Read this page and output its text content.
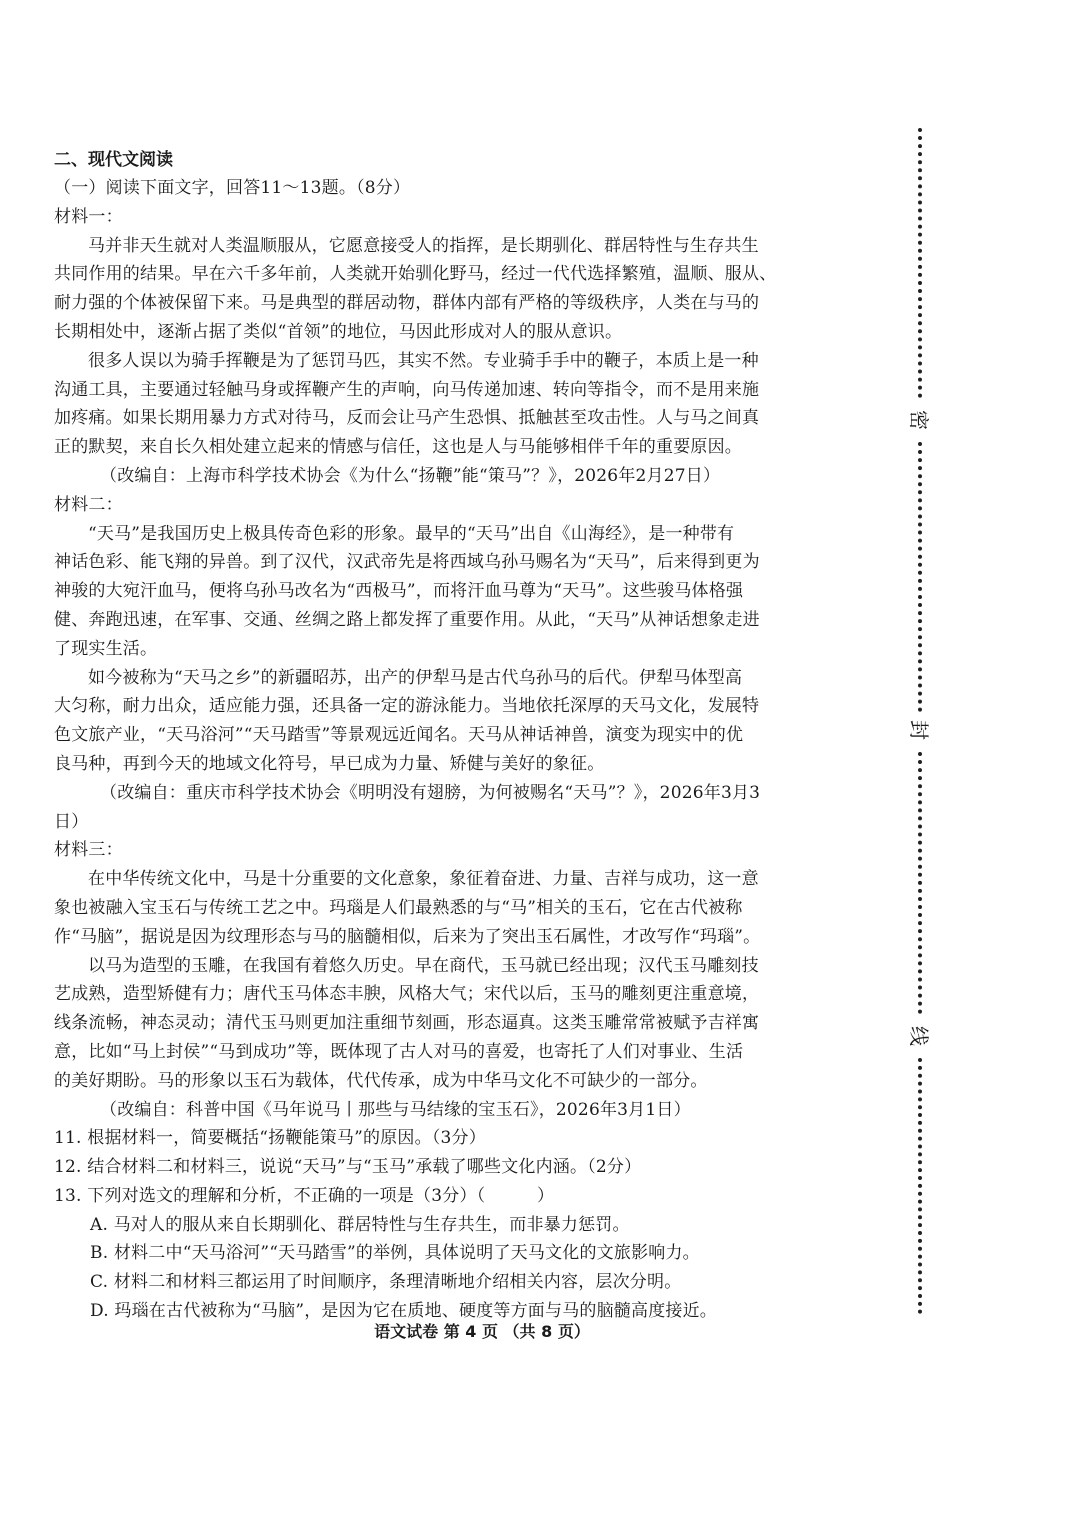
二、现代文阅读
（一）阅读下面文字，回答11～13题。（8分）
材料一：
马并非天生就对人类温顺服从，它愿意接受人的指挥，是长期驯化、群居特性与生存共生
共同作用的结果。早在六千多年前，人类就开始驯化野马，经过一代代选择繁殖，温顺、服从、
耐力强的个体被保留下来。马是典型的群居动物，群体内部有严格的等级秩序，人类在与马的
长期相处中，逐渐占据了类似“首领”的地位，马因此形成对人的服从意识。
很多人误以为骑手挥鞭是为了惩罚马匹，其实不然。专业骑手手中的鞭子，本质上是一种
沟通工具，主要通过轻触马身或挥鞭产生的声响，向马传递加速、转向等指令，而不是用来施
加疼痛。如果长期用暴力方式对待马，反而会让马产生恐惧、抵触甚至攻击性。人与马之间真
正的默契，来自长久相处建立起来的情感与信任，这也是人与马能够相伴千年的重要原因。
（改编自：上海市科学技术协会《为什么“扬鞭”能“策马”？》，2026年2月27日）
材料二：
“天马”是我国历史上极具传奇色彩的形象。最早的“天马”出自《山海经》，是一种带有
神话色彩、能飞翔的异兽。到了汉代，汉武帝先是将西域乌孙马赐名为“天马”，后来得到更为
神骏的大宛汗血马，便将乌孙马改名为“西极马”，而将汗血马尊为“天马”。这些骏马体格强
健、奔跑迅速，在军事、交通、丝绸之路上都发挥了重要作用。从此，“天马”从神话想象走进
了现实生活。
如今被称为“天马之乡”的新疆昭苏，出产的伊犁马是古代乌孙马的后代。伊犁马体型高
大匀称，耐力出众，适应能力强，还具备一定的游泳能力。当地依托深厚的天马文化，发展特
色文旅产业，“天马浴河”“天马踏雪”等景观远近闻名。天马从神话神兽，演变为现实中的优
良马种，再到今天的地域文化符号，早已成为力量、矫健与美好的象征。
（改编自：重庆市科学技术协会《明明没有翅膀，为何被赐名“天马”？》，2026年3月3
日）
材料三：
在中华传统文化中，马是十分重要的文化意象，象征着奋进、力量、吉祥与成功，这一意
象也被融入宝玉石与传统工艺之中。玛瑙是人们最熟悉的与“马”相关的玉石，它在古代被称
作“马脑”，据说是因为纹理形态与马的脑髓相似，后来为了突出玉石属性，才改写作“玛瑙”。
以马为造型的玉雕，在我国有着悠久历史。早在商代，玉马就已经出现；汉代玉马雕刻技
艺成熟，造型矫健有力；唐代玉马体态丰腴，风格大气；宋代以后，玉马的雕刻更注重意境，
线条流畅，神态灵动；清代玉马则更加注重细节刻画，形态逼真。这类玉雕常常被赋予吉祥寓
意，比如“马上封侯”“马到成功”等，既体现了古人对马的喜爱，也寄托了人们对事业、生活
的美好期盼。马的形象以玉石为载体，代代传承，成为中华马文化不可缺少的一部分。
（改编自：科普中国《马年说马丨那些与马结缘的宝玉石》，2026年3月1日）
11. 根据材料一，简要概括“扬鞭能策马”的原因。（3分）
12. 结合材料二和材料三，说说“天马”与“玉马”承载了哪些文化内涵。（2分）
13. 下列对选文的理解和分析，不正确的一项是（3分）（　　　）
A. 马对人的服从来自长期驯化、群居特性与生存共生，而非暴力惩罚。
B. 材料二中“天马浴河”“天马踏雪”的举例，具体说明了天马文化的文旅影响力。
C. 材料二和材料三都运用了时间顺序，条理清晰地介绍相关内容，层次分明。
D. 玛瑙在古代被称为“马脑”，是因为它在质地、硬度等方面与马的脑髓高度接近。
语文试卷 第 4 页 （共 8 页）
密
封
线
